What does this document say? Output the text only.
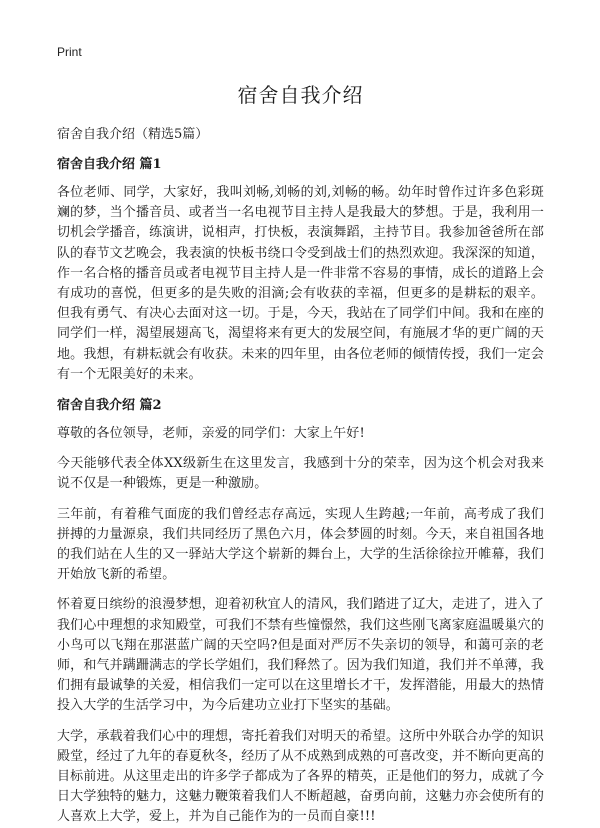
Print
宿舍自我介绍

宿舍自我介绍（精选5篇）

宿舍自我介绍 篇1

各位老师、同学，大家好，我叫刘畅,刘畅的刘,刘畅的畅。幼年时曾作过许多色彩斑斓的梦，当个播音员、或者当一名电视节目主持人是我最大的梦想。于是，我利用一切机会学播音，练演讲，说相声，打快板，表演舞蹈，主持节目。我参加爸爸所在部队的春节文艺晚会，我表演的快板书绕口令受到战士们的热烈欢迎。我深深的知道，作一名合格的播音员或者电视节目主持人是一件非常不容易的事情，成长的道路上会有成功的喜悦，但更多的是失败的泪滴;会有收获的幸福，但更多的是耕耘的艰辛。但我有勇气、有决心去面对这一切。于是，今天，我站在了同学们中间。我和在座的同学们一样，渴望展翅高飞，渴望将来有更大的发展空间，有施展才华的更广阔的天地。我想，有耕耘就会有收获。未来的四年里，由各位老师的倾情传授，我们一定会有一个无限美好的未来。

宿舍自我介绍 篇2

尊敬的各位领导，老师，亲爱的同学们：大家上午好!

今天能够代表全体XX级新生在这里发言，我感到十分的荣幸，因为这个机会对我来说不仅是一种锻炼，更是一种激励。

三年前，有着稚气面庞的我们曾经志存高远，实现人生跨越;一年前，高考成了我们拼搏的力量源泉，我们共同经历了黑色六月，体会梦圆的时刻。今天，来自祖国各地的我们站在人生的又一驿站大学这个崭新的舞台上，大学的生活徐徐拉开帷幕，我们开始放飞新的希望。

怀着夏日缤纷的浪漫梦想，迎着初秋宜人的清风，我们踏进了辽大，走进了，进入了我们心中理想的求知殿堂，可我们不禁有些憧憬然，我们这些刚飞离家庭温暖巢穴的小鸟可以飞翔在那湛蓝广阔的天空吗?但是面对严厉不失亲切的领导，和蔼可亲的老师，和气并蹒跚满志的学长学姐们，我们释然了。因为我们知道，我们并不单薄，我们拥有最诚挚的关爱，相信我们一定可以在这里增长才干，发挥潜能，用最大的热情投入大学的生活学习中，为今后建功立业打下坚实的基础。

大学，承载着我们心中的理想，寄托着我们对明天的希望。这所中外联合办学的知识殿堂，经过了九年的春夏秋冬，经历了从不成熟到成熟的可喜改变，并不断向更高的目标前进。从这里走出的许多学子都成为了各界的精英，正是他们的努力，成就了今日大学独特的魅力，这魅力鞭策着我们人不断超越，奋勇向前，这魅力亦会使所有的人喜欢上大学，爱上，并为自己能作为的一员而自豪!!!
